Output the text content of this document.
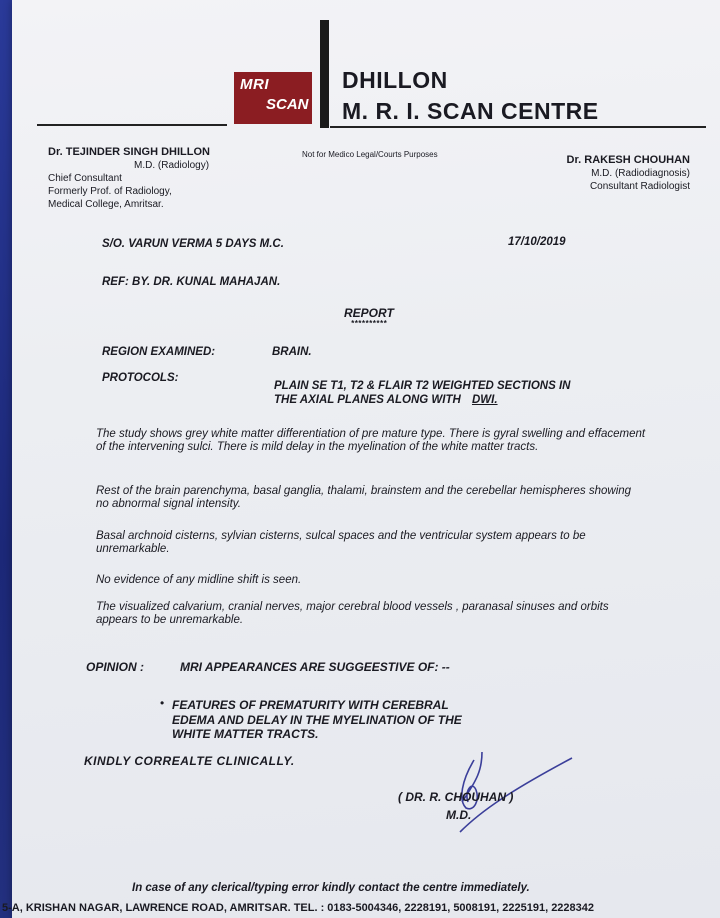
MRI
SCAN
DHILLON
M. R. I. SCAN CENTRE
Dr. TEJINDER SINGH DHILLON
M.D. (Radiology)
Chief Consultant
Formerly Prof. of Radiology,
Medical College, Amritsar.
Not for Medico Legal/Courts Purposes	Dr. RAKESH CHOUHAN
M.D. (Radiodiagnosis)
Consultant Radiologist
S/O. VARUN VERMA 5 DAYS M.C.	17/10/2019
REF: BY. DR. KUNAL MAHAJAN.
REPORT
**********
REGION EXAMINED:	BRAIN.
PROTOCOLS:
PLAIN SE T1, T2 & FLAIR T2 WEIGHTED SECTIONS IN
THE AXIAL PLANES ALONG WITH DWI.
The study shows grey white matter differentiation of pre mature type. There is gyral swelling and effacement of the intervening sulci. There is mild delay in the myelination of the white matter tracts.
Rest of the brain parenchyma, basal ganglia, thalami, brainstem and the cerebellar hemispheres showing no abnormal signal intensity.
Basal archnoid cisterns, sylvian cisterns, sulcal spaces and the ventricular system appears to be unremarkable.
No evidence of any midline shift is seen.
The visualized calvarium, cranial nerves, major cerebral blood vessels , paranasal sinuses and orbits appears to be unremarkable.
OPINION :	MRI APPEARANCES ARE SUGGEESTIVE OF: --
• FEATURES OF PREMATURITY WITH CEREBRAL
EDEMA AND DELAY IN THE MYELINATION OF THE
WHITE MATTER TRACTS.
KINDLY CORREALTE CLINICALLY.
( DR. R. CHOUHAN )
M.D.
In case of any clerical/typing error kindly contact the centre immediately.
5-A, KRISHAN NAGAR, LAWRENCE ROAD, AMRITSAR. TEL. : 0183-5004346, 2228191, 5008191, 2225191, 2228342
